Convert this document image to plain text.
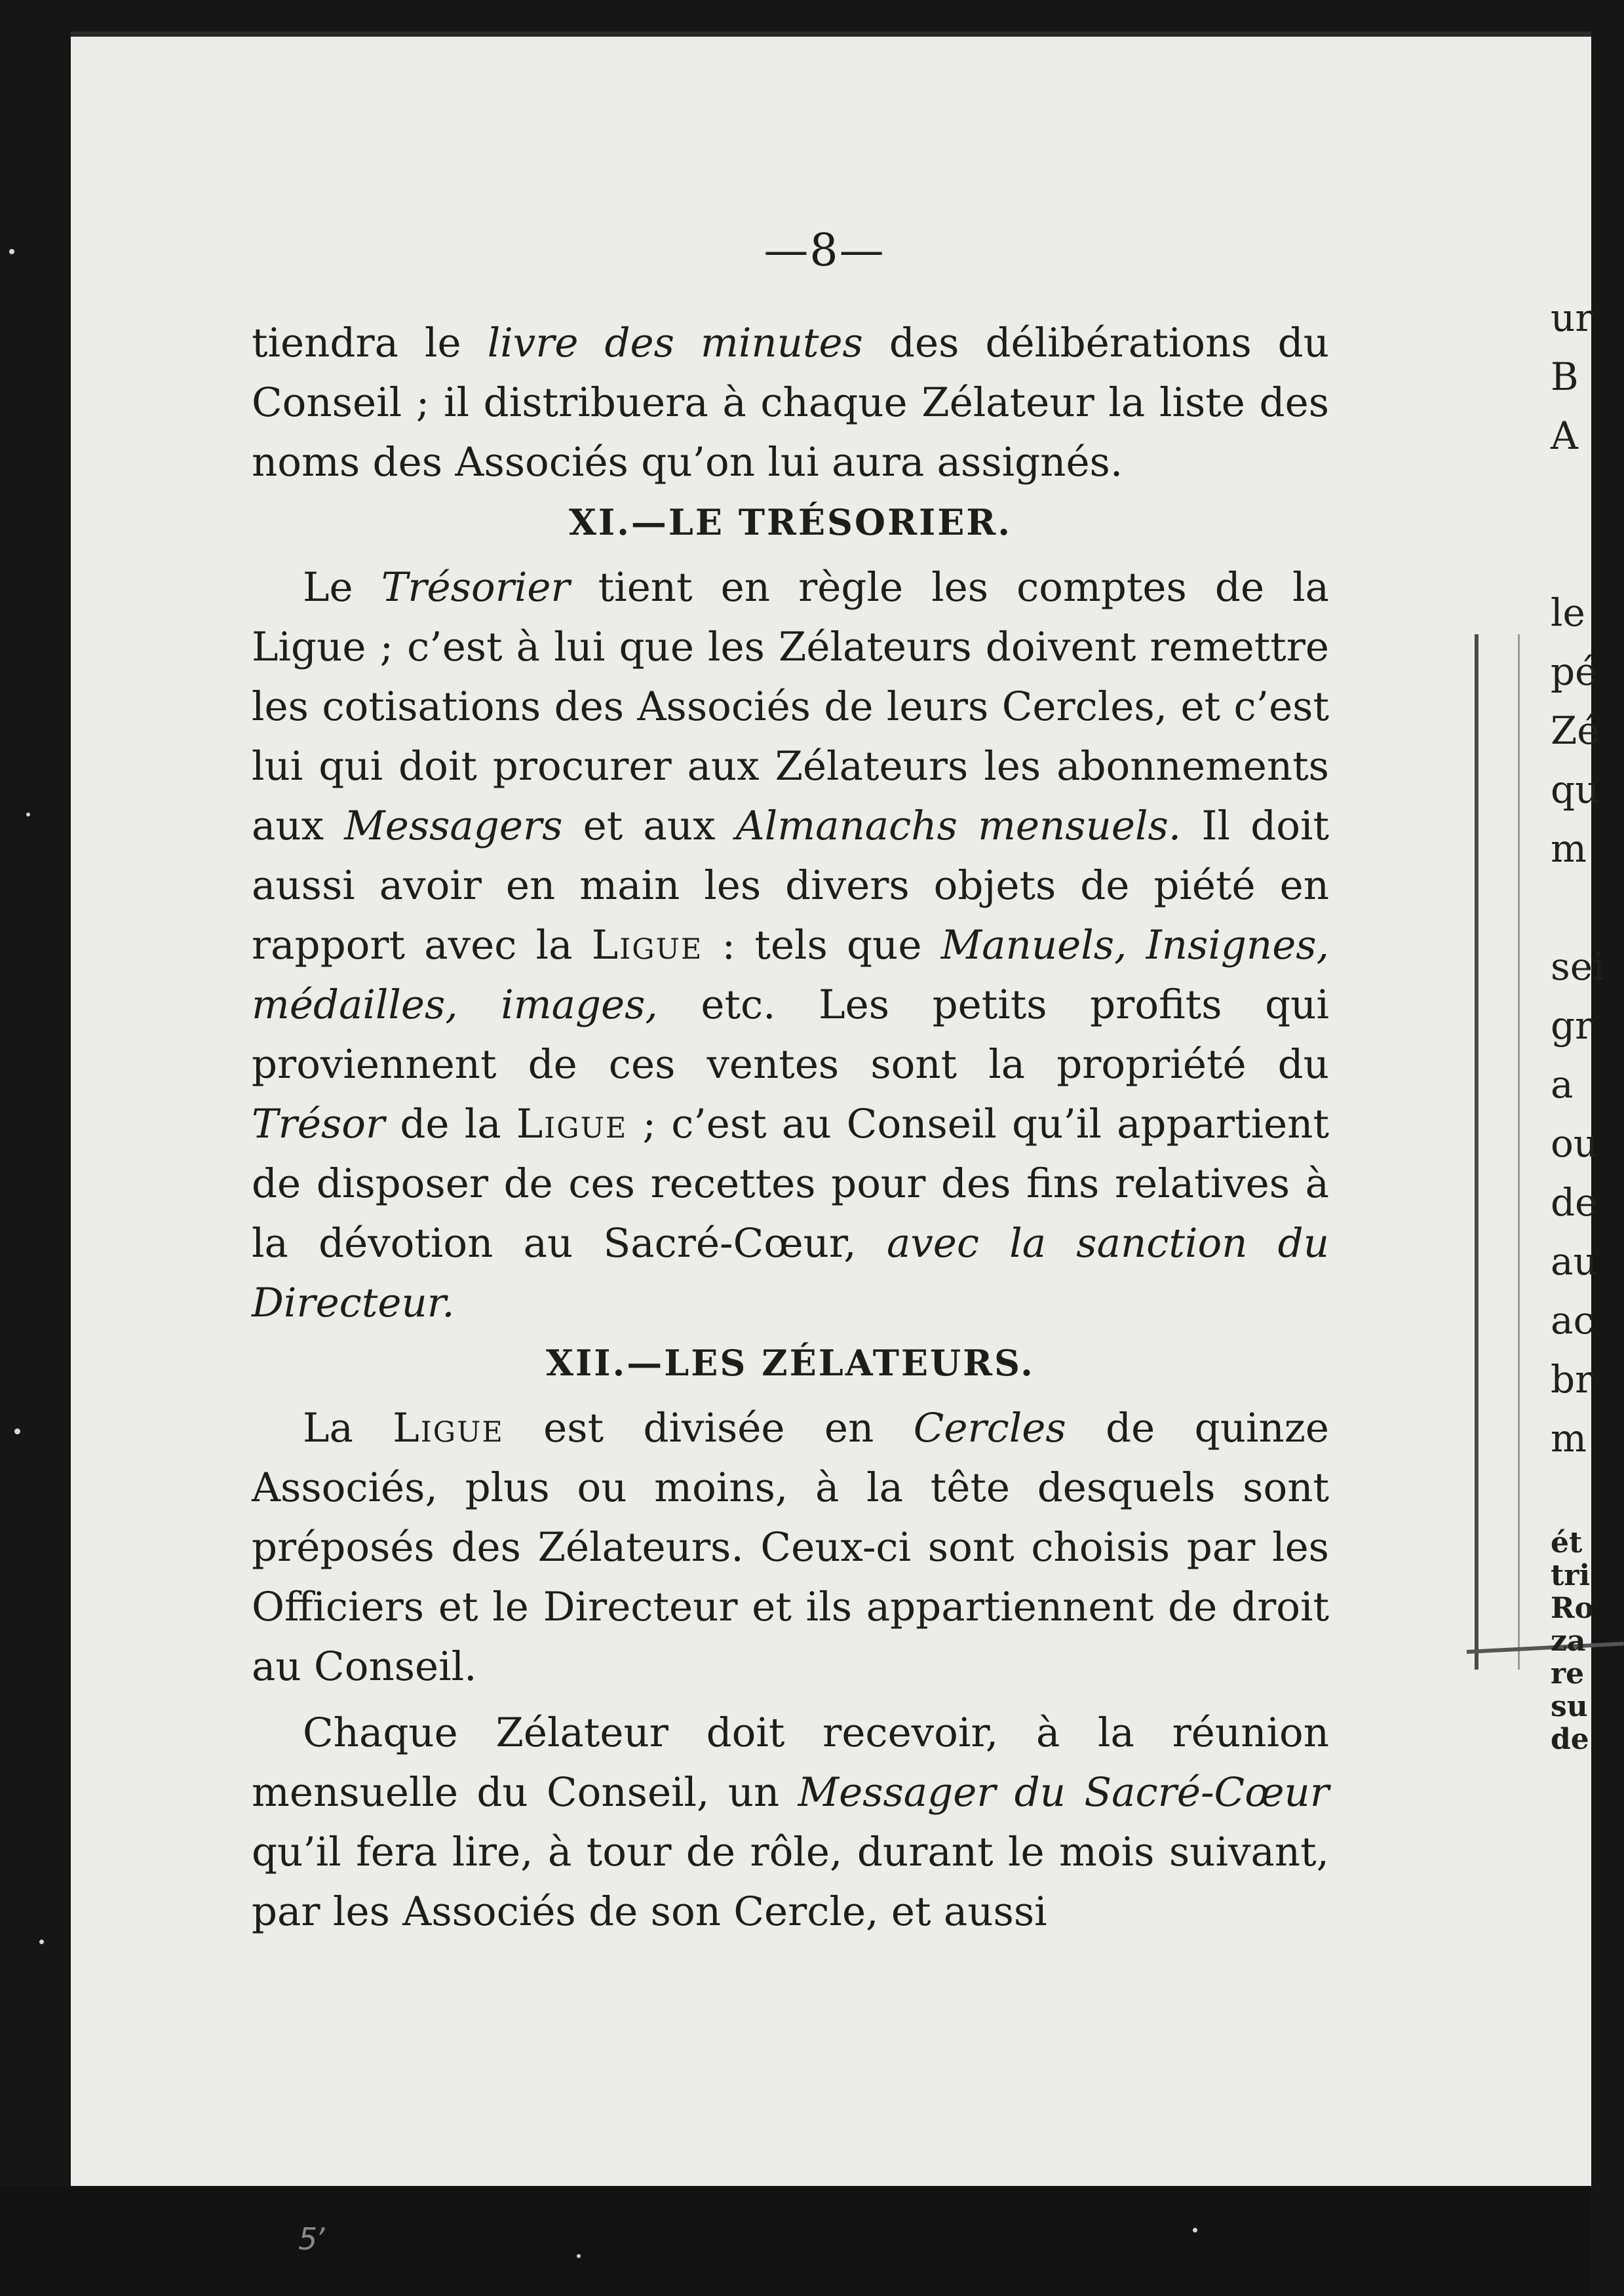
—8—

tiendra le livre des minutes des délibérations du Conseil ; il distribuera à chaque Zélateur la liste des noms des Associés qu’on lui aura assignés.

XI.—LE TRÉSORIER.

Le Trésorier tient en règle les comptes de la Ligue ; c’est à lui que les Zélateurs doivent remettre les cotisations des Associés de leurs Cercles, et c’est lui qui doit procurer aux Zélateurs les abonnements aux Messagers et aux Almanachs mensuels. Il doit aussi avoir en main les divers objets de piété en rapport avec la Ligue : tels que Manuels, Insignes, médailles, images, etc. Les petits profits qui proviennent de ces ventes sont la propriété du Trésor de la Ligue ; c’est au Conseil qu’il appartient de disposer de ces recettes pour des fins relatives à la dévotion au Sacré-Cœur, avec la sanction du Directeur.

XII.—LES ZÉLATEURS.

La Ligue est divisée en Cercles de quinze Associés, plus ou moins, à la tête desquels sont préposés des Zélateurs. Ceux-ci sont choisis par les Officiers et le Directeur et ils appartiennent de droit au Conseil.

Chaque Zélateur doit recevoir, à la réunion mensuelle du Conseil, un Messager du Sacré-Cœur qu’il fera lire, à tour de rôle, durant le mois suivant, par les Associés de son Cercle, et aussi

ur
B
A
le
pé
Zé
qu
m
sei
gr
a
ou
de
au
ac
br
m
ét
tri
Ro
za
re
su
de
5ʼ
